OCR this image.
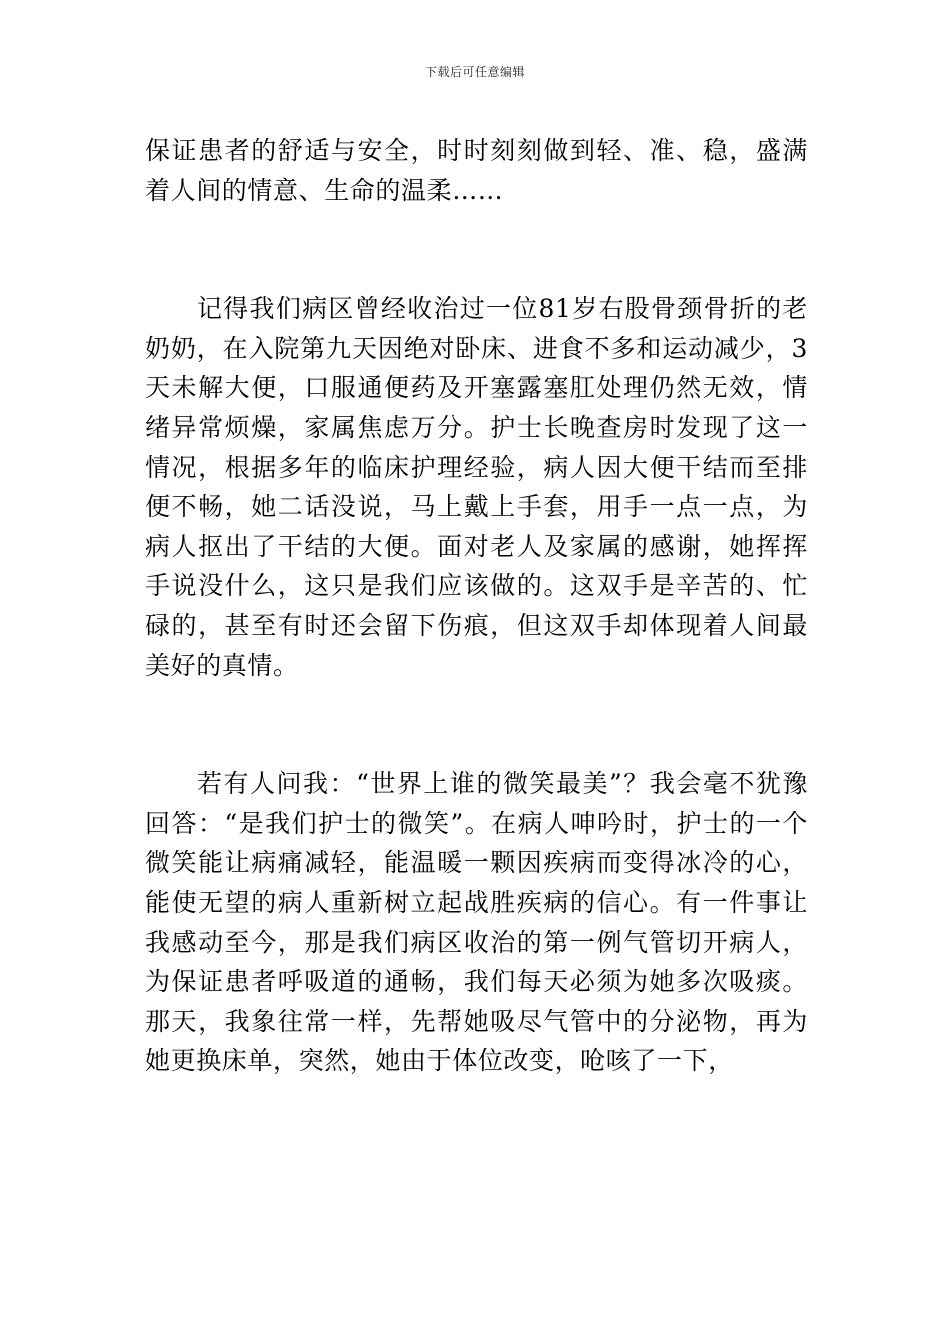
下载后可任意编辑

保证患者的舒适与安全，时时刻刻做到轻、准、稳，盛满着人间的情意、生命的温柔……

记得我们病区曾经收治过一位81岁右股骨颈骨折的老奶奶，在入院第九天因绝对卧床、进食不多和运动减少，3天未解大便，口服通便药及开塞露塞肛处理仍然无效，情绪异常烦燥，家属焦虑万分。护士长晚查房时发现了这一情况，根据多年的临床护理经验，病人因大便干结而至排便不畅，她二话没说，马上戴上手套，用手一点一点，为病人抠出了干结的大便。面对老人及家属的感谢，她挥挥手说没什么，这只是我们应该做的。这双手是辛苦的、忙碌的，甚至有时还会留下伤痕，但这双手却体现着人间最美好的真情。

若有人问我：“世界上谁的微笑最美”？我会毫不犹豫回答：“是我们护士的微笑”。在病人呻吟时，护士的一个微笑能让病痛减轻，能温暖一颗因疾病而变得冰冷的心，能使无望的病人重新树立起战胜疾病的信心。有一件事让我感动至今，那是我们病区收治的第一例气管切开病人，为保证患者呼吸道的通畅，我们每天必须为她多次吸痰。那天，我象往常一样，先帮她吸尽气管中的分泌物，再为她更换床单，突然，她由于体位改变，呛咳了一下，
